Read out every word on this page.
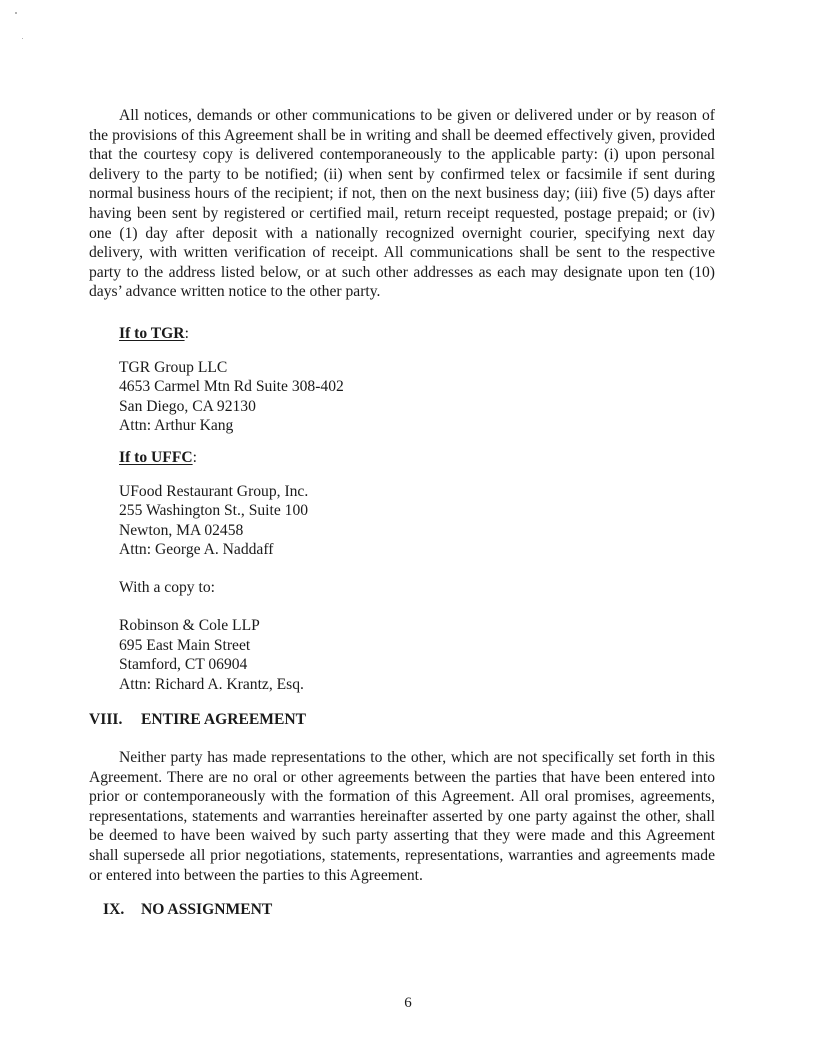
All notices, demands or other communications to be given or delivered under or by reason of the provisions of this Agreement shall be in writing and shall be deemed effectively given, provided that the courtesy copy is delivered contemporaneously to the applicable party: (i) upon personal delivery to the party to be notified; (ii) when sent by confirmed telex or facsimile if sent during normal business hours of the recipient; if not, then on the next business day; (iii) five (5) days after having been sent by registered or certified mail, return receipt requested, postage prepaid; or (iv) one (1) day after deposit with a nationally recognized overnight courier, specifying next day delivery, with written verification of receipt. All communications shall be sent to the respective party to the address listed below, or at such other addresses as each may designate upon ten (10) days’ advance written notice to the other party.

If to TGR:
TGR Group LLC
4653 Carmel Mtn Rd Suite 308-402
San Diego, CA 92130
Attn: Arthur Kang
If to UFFC:
UFood Restaurant Group, Inc.
255 Washington St., Suite 100
Newton, MA 02458
Attn: George A. Naddaff
With a copy to:
Robinson & Cole LLP
695 East Main Street
Stamford, CT 06904
Attn: Richard A. Krantz, Esq.
VIII. ENTIRE AGREEMENT

Neither party has made representations to the other, which are not specifically set forth in this Agreement. There are no oral or other agreements between the parties that have been entered into prior or contemporaneously with the formation of this Agreement. All oral promises, agreements, representations, statements and warranties hereinafter asserted by one party against the other, shall be deemed to have been waived by such party asserting that they were made and this Agreement shall supersede all prior negotiations, statements, representations, warranties and agreements made or entered into between the parties to this Agreement.

IX. NO ASSIGNMENT
6
